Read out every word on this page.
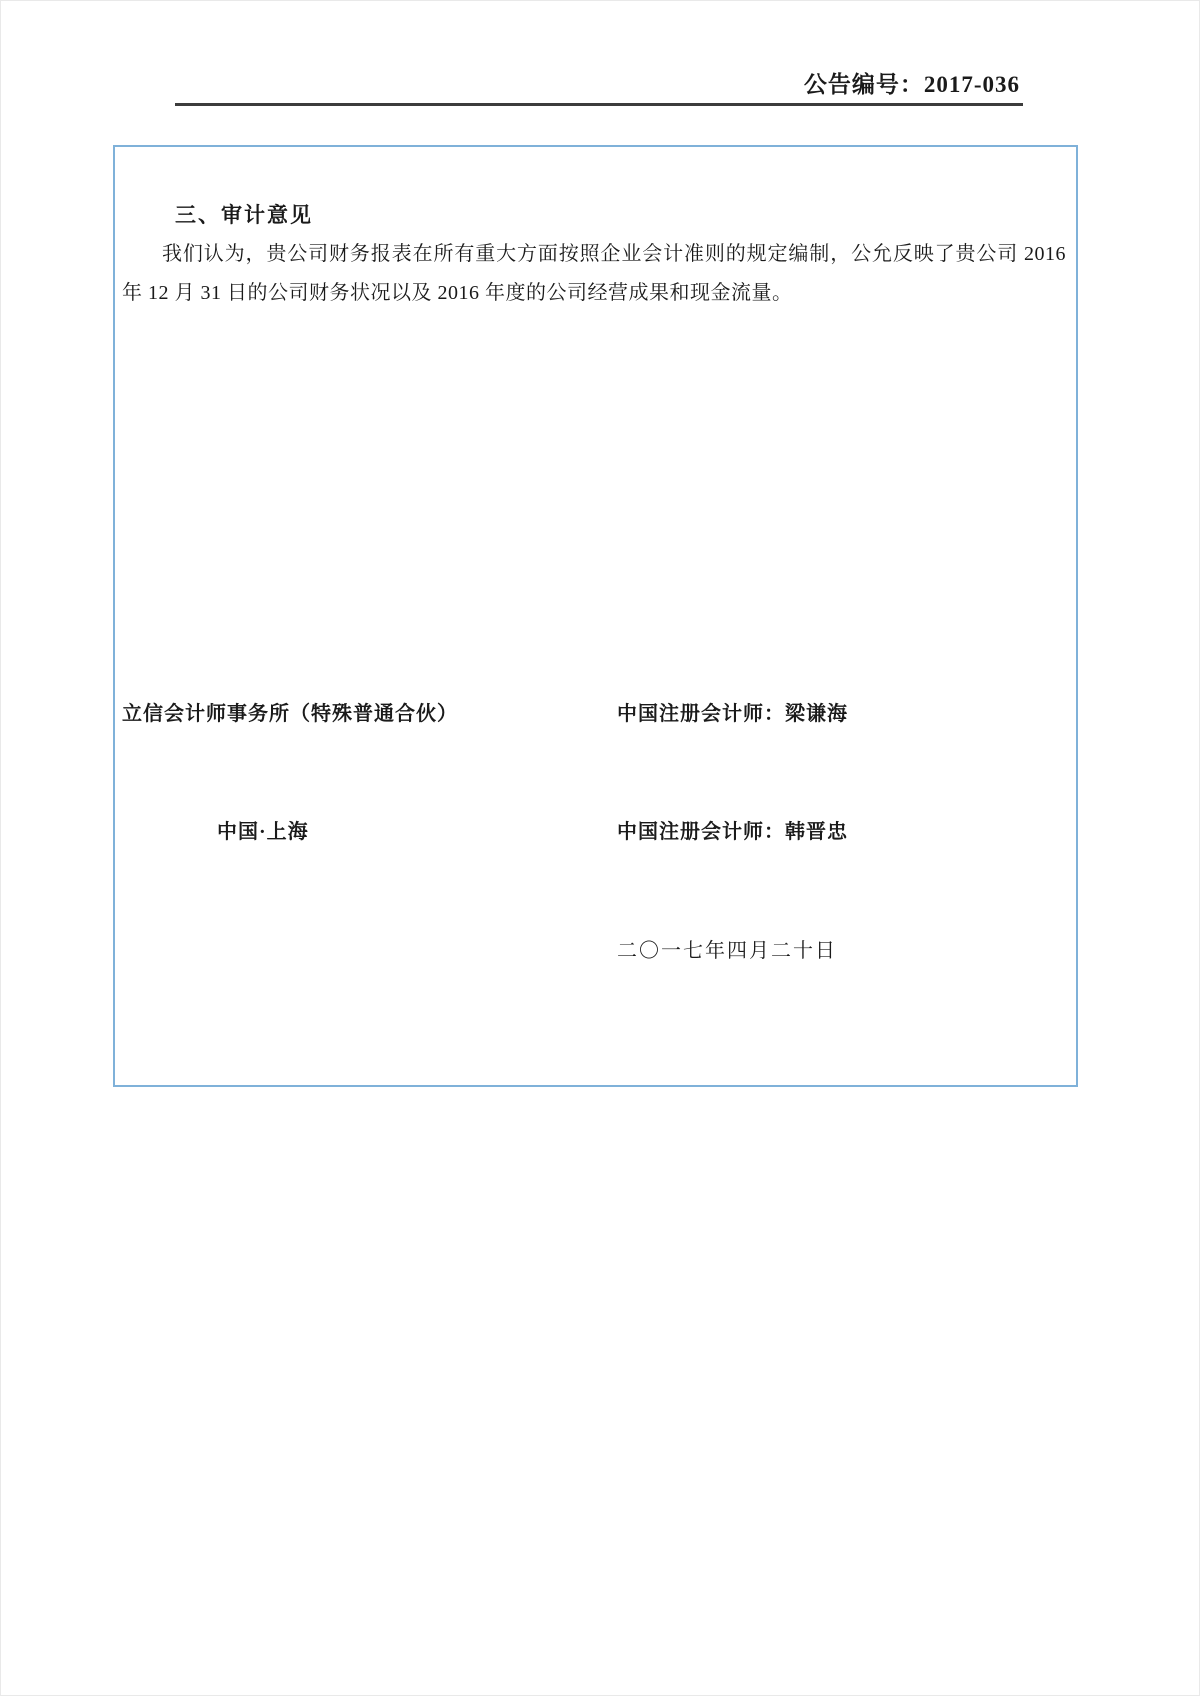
公告编号：2017-036
三、审计意见
我们认为，贵公司财务报表在所有重大方面按照企业会计准则的规定编制，公允反映了贵公司 2016 年 12 月 31 日的公司财务状况以及 2016 年度的公司经营成果和现金流量。
立信会计师事务所（特殊普通合伙）	中国注册会计师：梁谦海
中国·上海	中国注册会计师：韩晋忠
二〇一七年四月二十日
